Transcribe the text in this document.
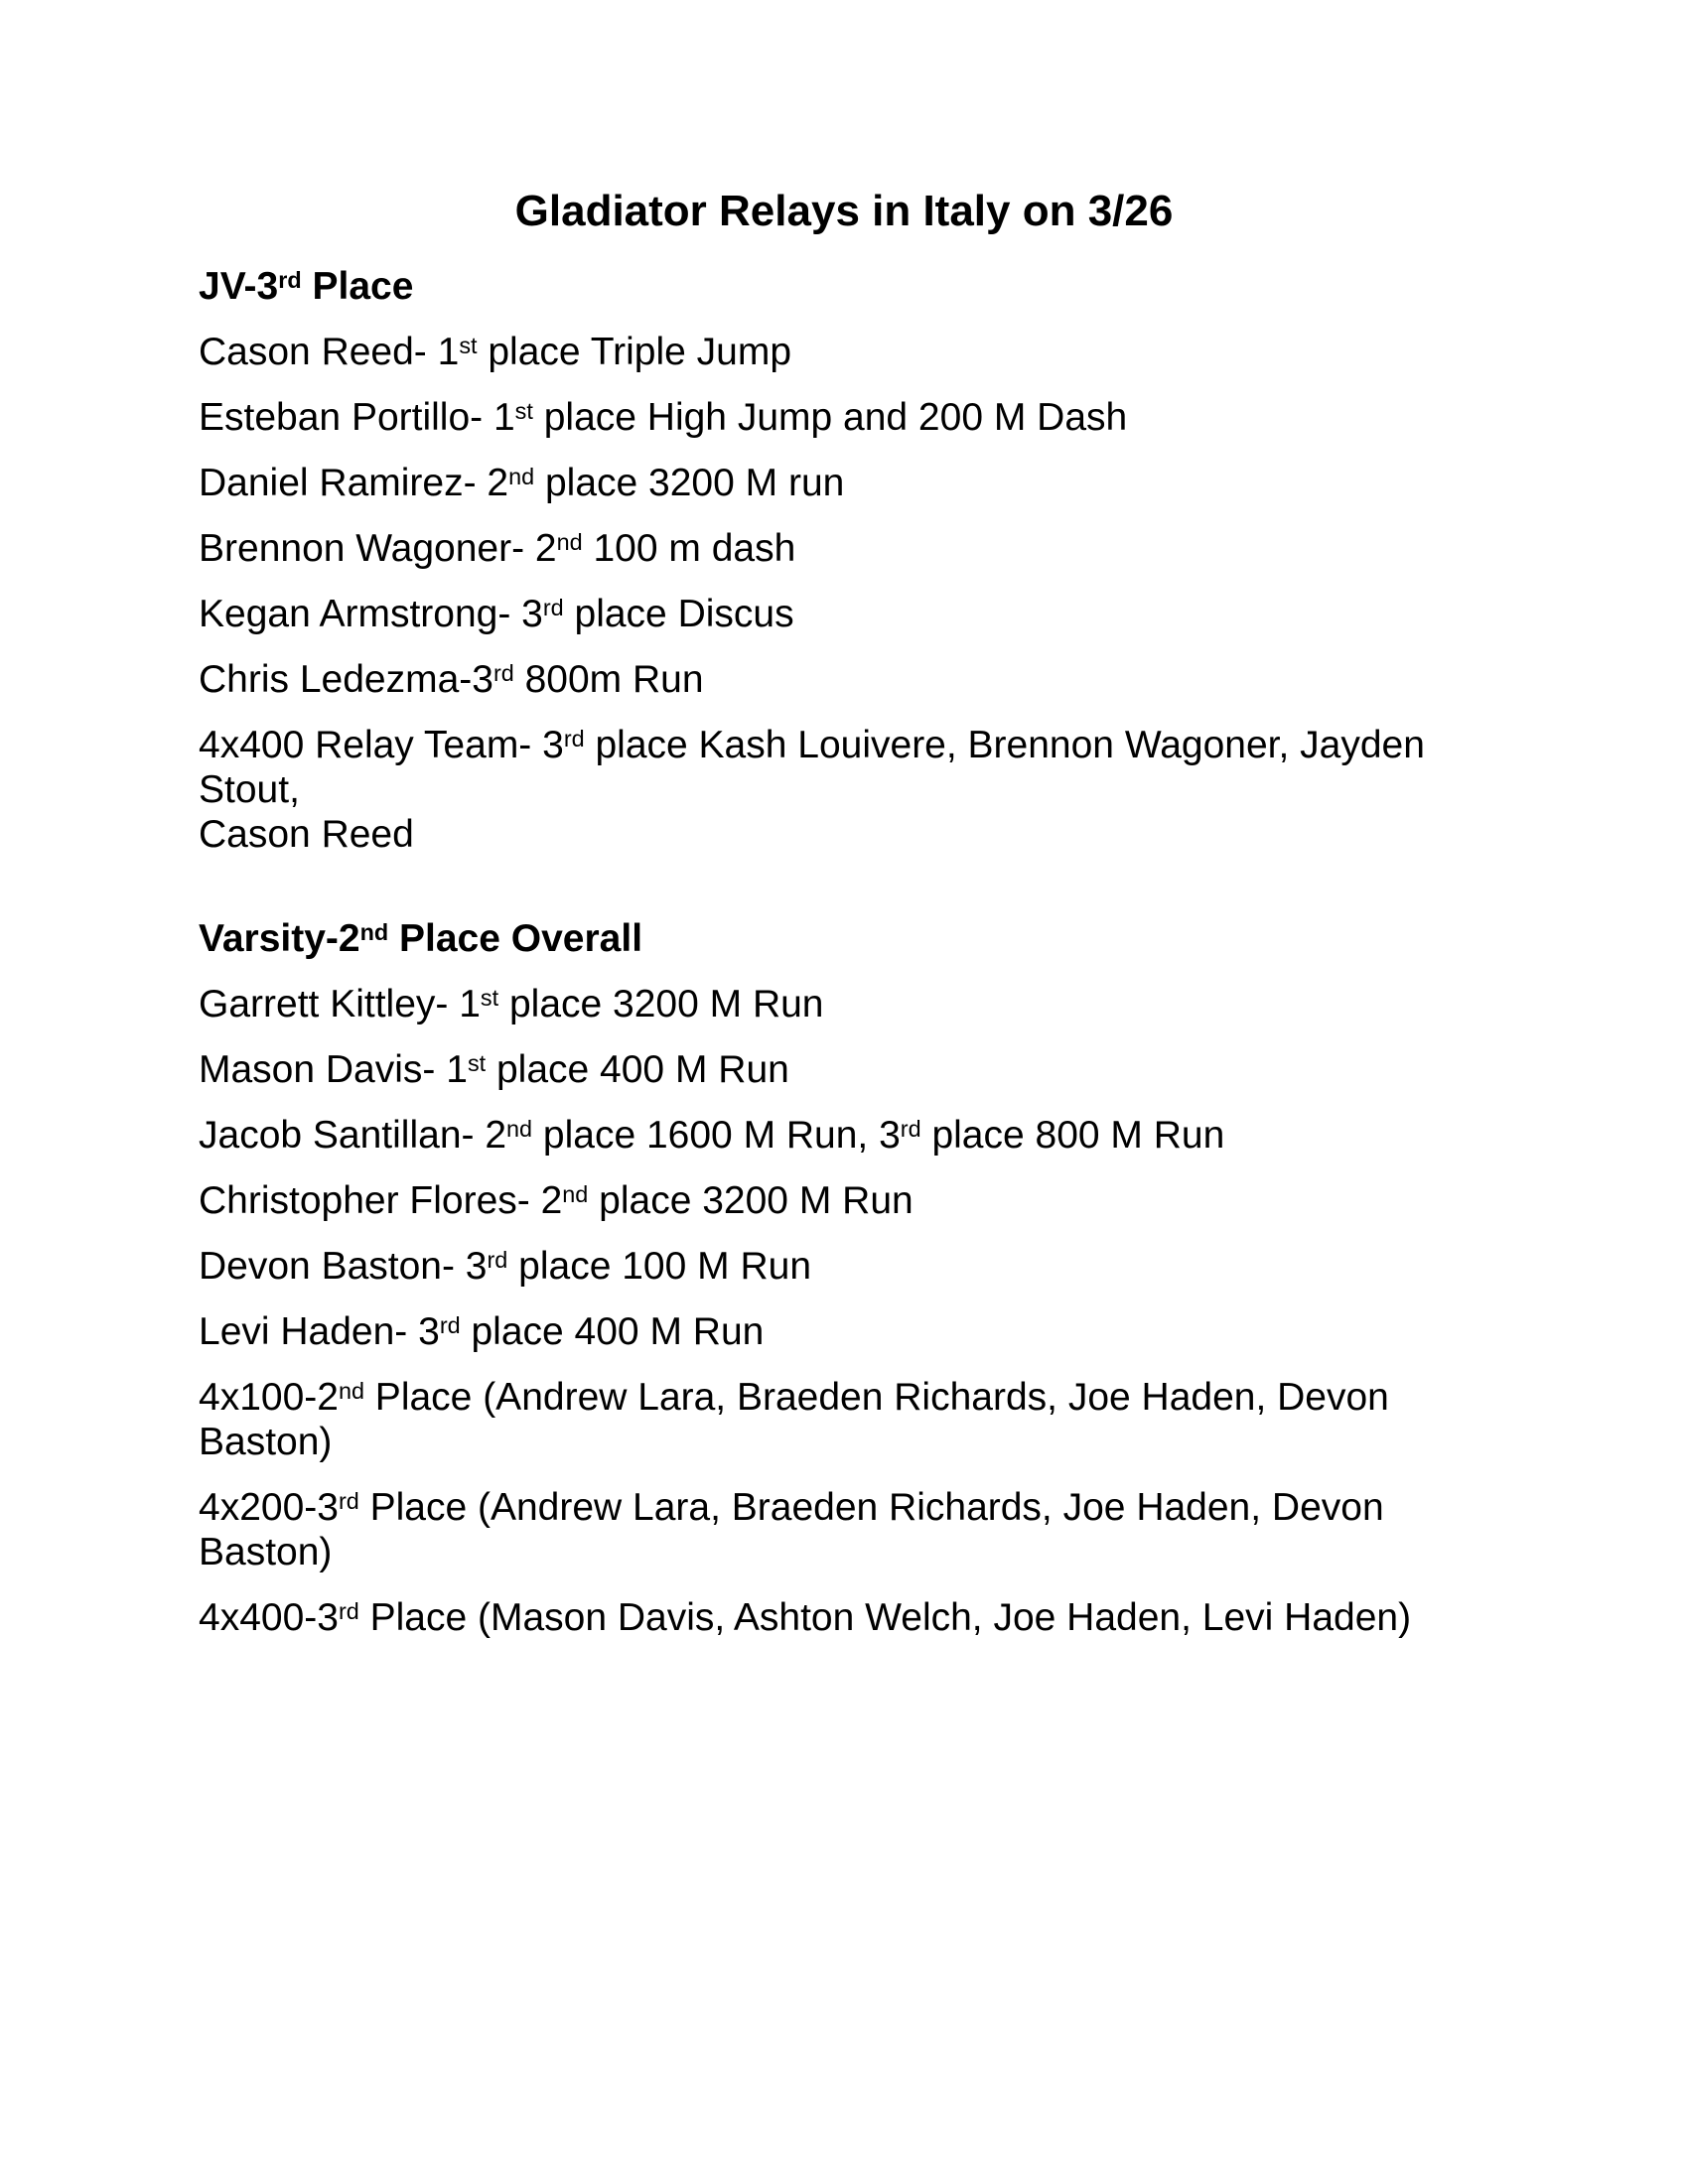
Gladiator Relays in Italy on 3/26

JV-3rd Place

Cason Reed- 1st place Triple Jump

Esteban Portillo- 1st place High Jump and 200 M Dash

Daniel Ramirez- 2nd place 3200 M run

Brennon Wagoner- 2nd 100 m dash

Kegan Armstrong- 3rd place Discus

Chris Ledezma-3rd 800m Run

4x400 Relay Team- 3rd place Kash Louivere, Brennon Wagoner, Jayden Stout,
Cason Reed

Varsity-2nd Place Overall

Garrett Kittley- 1st place 3200 M Run

Mason Davis- 1st place 400 M Run

Jacob Santillan- 2nd place 1600 M Run, 3rd place 800 M Run

Christopher Flores- 2nd place 3200 M Run

Devon Baston- 3rd place 100 M Run

Levi Haden- 3rd place 400 M Run

4x100-2nd Place (Andrew Lara, Braeden Richards, Joe Haden, Devon Baston)

4x200-3rd Place (Andrew Lara, Braeden Richards, Joe Haden, Devon Baston)

4x400-3rd Place (Mason Davis, Ashton Welch, Joe Haden, Levi Haden)
